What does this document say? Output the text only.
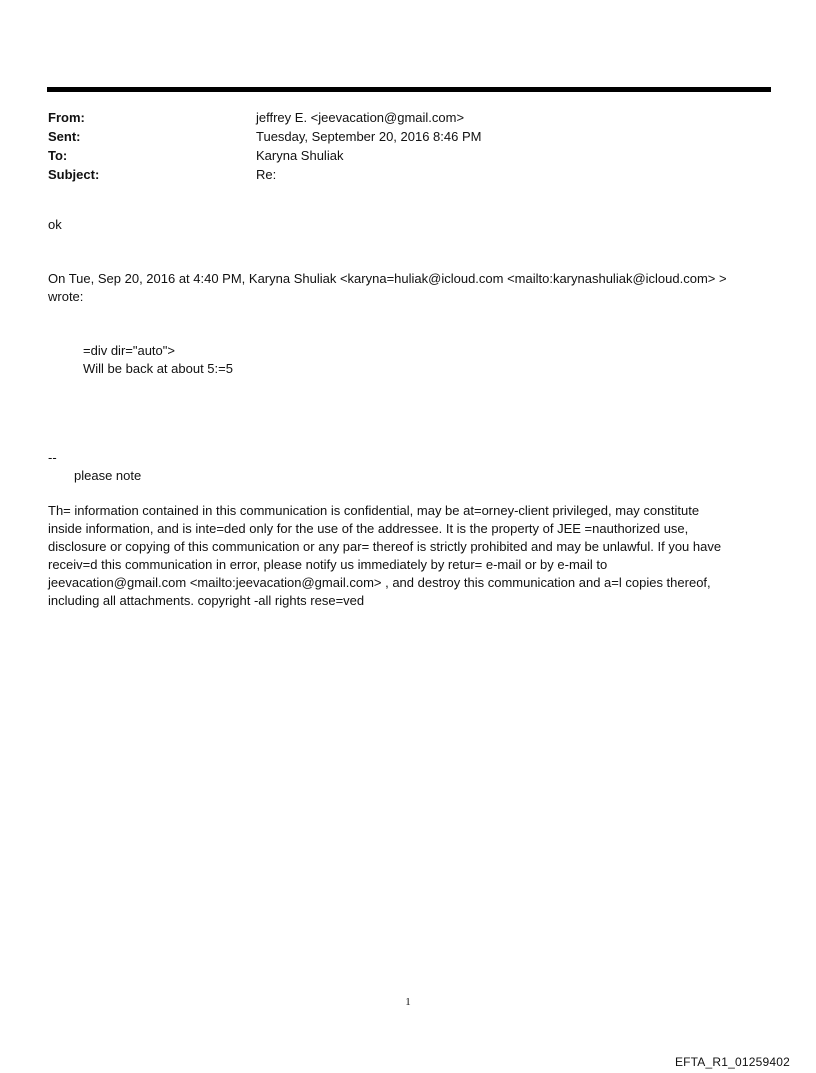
From:	jeffrey E. <jeevacation@gmail.com>
Sent:	Tuesday, September 20, 2016 8:46 PM
To:	Karyna Shuliak
Subject:	Re:
ok

On Tue, Sep 20, 2016 at 4:40 PM, Karyna Shuliak <karyna=huliak@icloud.com <mailto:karynashuliak@icloud.com> >

wrote:

=div dir="auto">

Will be back at about 5:=5

--
please note

Th= information contained in this communication is confidential, may be at=orney-client privileged, may constitute

inside information, and is inte=ded only for the use of the addressee. It is the property of JEE =nauthorized use,

disclosure or copying of this communication or any par= thereof is strictly prohibited and may be unlawful. If you have

receiv=d this communication in error, please notify us immediately by retur= e-mail or by e-mail to

jeevacation@gmail.com <mailto:jeevacation@gmail.com> , and destroy this communication and a=l copies thereof,

including all attachments. copyright -all rights rese=ved

1
EFTA_R1_01259402
